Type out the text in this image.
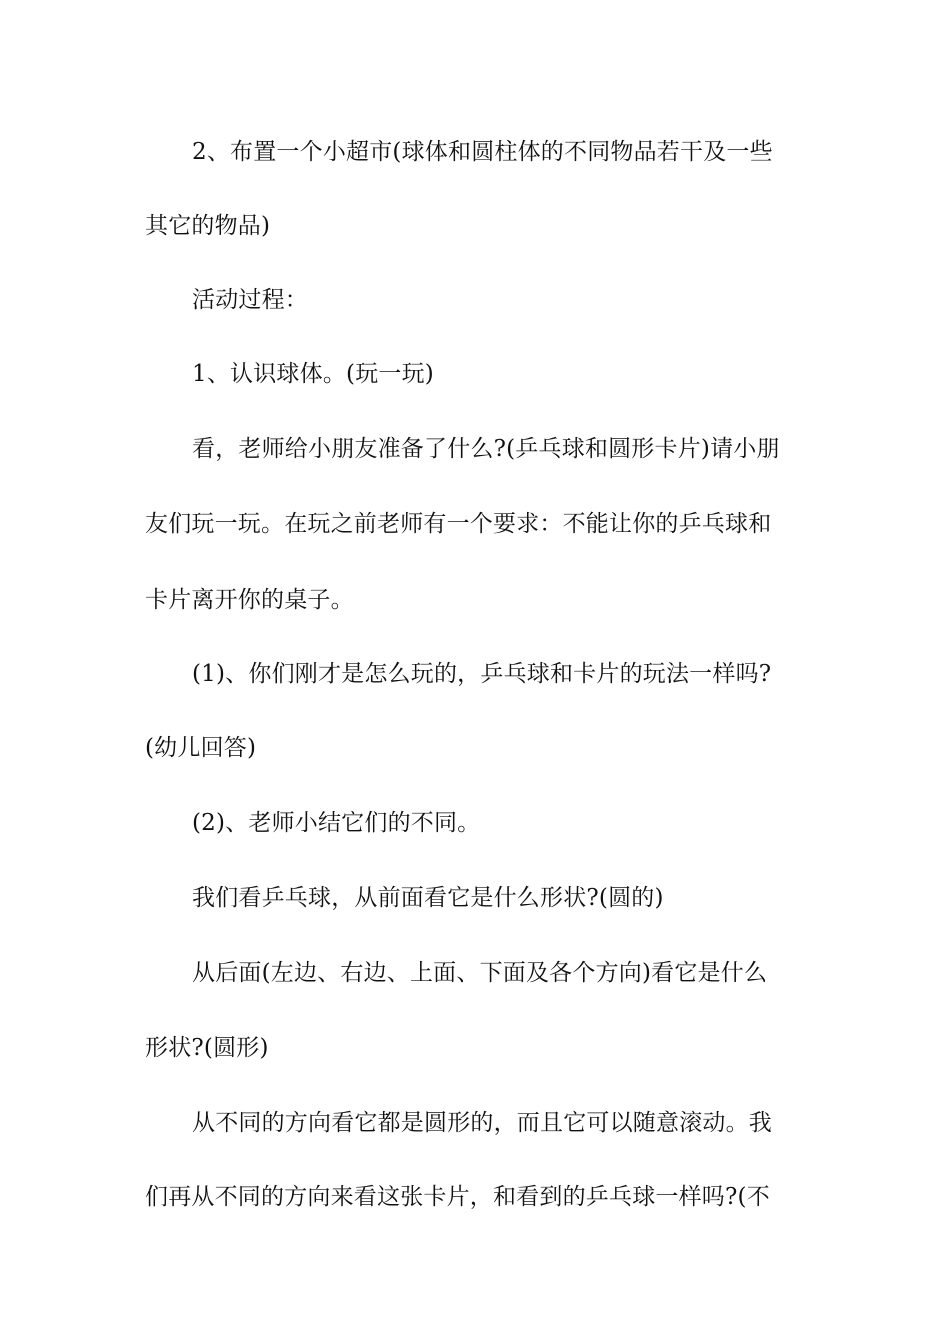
2、布置一个小超市(球体和圆柱体的不同物品若干及一些
其它的物品)
活动过程：
1、认识球体。(玩一玩)
看，老师给小朋友准备了什么?(乒乓球和圆形卡片)请小朋
友们玩一玩。在玩之前老师有一个要求：不能让你的乒乓球和
卡片离开你的桌子。
(1)、你们刚才是怎么玩的，乒乓球和卡片的玩法一样吗?
(幼儿回答)
(2)、老师小结它们的不同。
我们看乒乓球，从前面看它是什么形状?(圆的)
从后面(左边、右边、上面、下面及各个方向)看它是什么
形状?(圆形)
从不同的方向看它都是圆形的，而且它可以随意滚动。我
们再从不同的方向来看这张卡片，和看到的乒乓球一样吗?(不
